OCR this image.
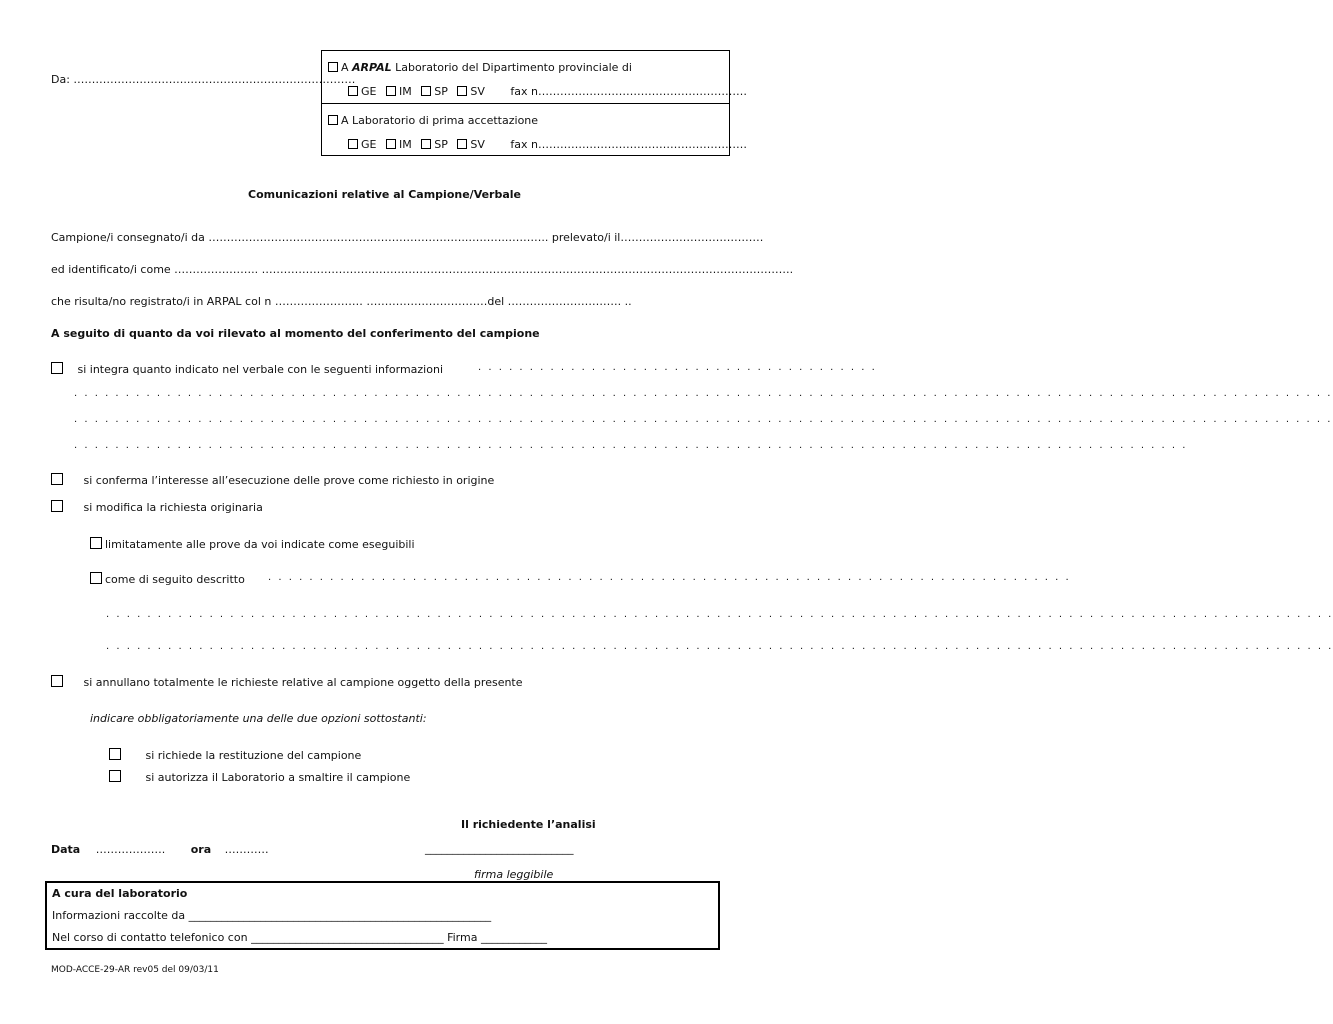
Da: …………………………..………………………………………
A ARPAL Laboratorio del Dipartimento provinciale di
GE IM SP SV fax n…………………………………………………
A Laboratorio di prima accettazione
GE IM SP SV fax n…………………………………………………
Comunicazioni relative al Campione/Verbale
Campione/i consegnato/i da ……………………………………………………………..………..……….. prelevato/i il…………………………………
ed identificato/i come ………………….. ……………………………………………………………………………………………………………………………….
che risulta/no registrato/i in ARPAL col n …………………… ……………………………del …………………………. ..
A seguito di quanto da voi rilevato al momento del conferimento del campione
si integra quanto indicato nel verbale con le seguenti informazioni	. . . . . . . . . . . . . . . . . . . . . . . . . . . . . . . . . . . . . . .
. . . . . . . . . . . . . . . . . . . . . . . . . . . . . . . . . . . . . . . . . . . . . . . . . . . . . . . . . . . . . . . . . . . . . . . . . . . . . . . . . . . . . . . . . . . . . . . . . . . . . . . . . . . . . . . . . . . . . . . . . .
. . . . . . . . . . . . . . . . . . . . . . . . . . . . . . . . . . . . . . . . . . . . . . . . . . . . . . . . . . . . . . . . . . . . . . . . . . . . . . . . . . . . . . . . . . . . . . . . . . . . . . . . . . . . . . . . . . . . . . . . . .
. . . . . . . . . . . . . . . . . . . . . . . . . . . . . . . . . . . . . . . . . . . . . . . . . . . . . . . . . . . . . . . . . . . . . . . . . . . . . . . . . . . . . . . . . . . . . . . . . . . . . . . . . . . .
si conferma l’interesse all’esecuzione delle prove come richiesto in origine
si modifica la richiesta originaria
limitatamente alle prove da voi indicate come eseguibili
come di seguito descritto . . . . . . . . . . . . . . . . . . . . . . . . . . . . . . . . . . . . . . . . . . . . . . . . . . . . . . . . . . . . . . . . . . . . . . . . . . . . . .
. . . . . . . . . . . . . . . . . . . . . . . . . . . . . . . . . . . . . . . . . . . . . . . . . . . . . . . . . . . . . . . . . . . . . . . . . . . . . . . . . . . . . . . . . . . . . . . . . . . . . . . . . . . . . . . . . . . . . . .
. . . . . . . . . . . . . . . . . . . . . . . . . . . . . . . . . . . . . . . . . . . . . . . . . . . . . . . . . . . . . . . . . . . . . . . . . . . . . . . . . . . . . . . . . . . . . . . . . . . . . . . . . . . . . . . . . . . . . . .
si annullano totalmente le richieste relative al campione oggetto della presente
indicare obbligatoriamente una delle due opzioni sottostanti:
si richiede la restituzione del campione
si autorizza il Laboratorio a smaltire il campione
Il richiedente l’analisi
Data ………………. ora …………	___________________________
firma leggibile
A cura del laboratorio
Informazioni raccolte da _______________________________________________________
Nel corso di contatto telefonico con ___________________________________ Firma ____________
MOD-ACCE-29-AR rev05 del 09/03/11
